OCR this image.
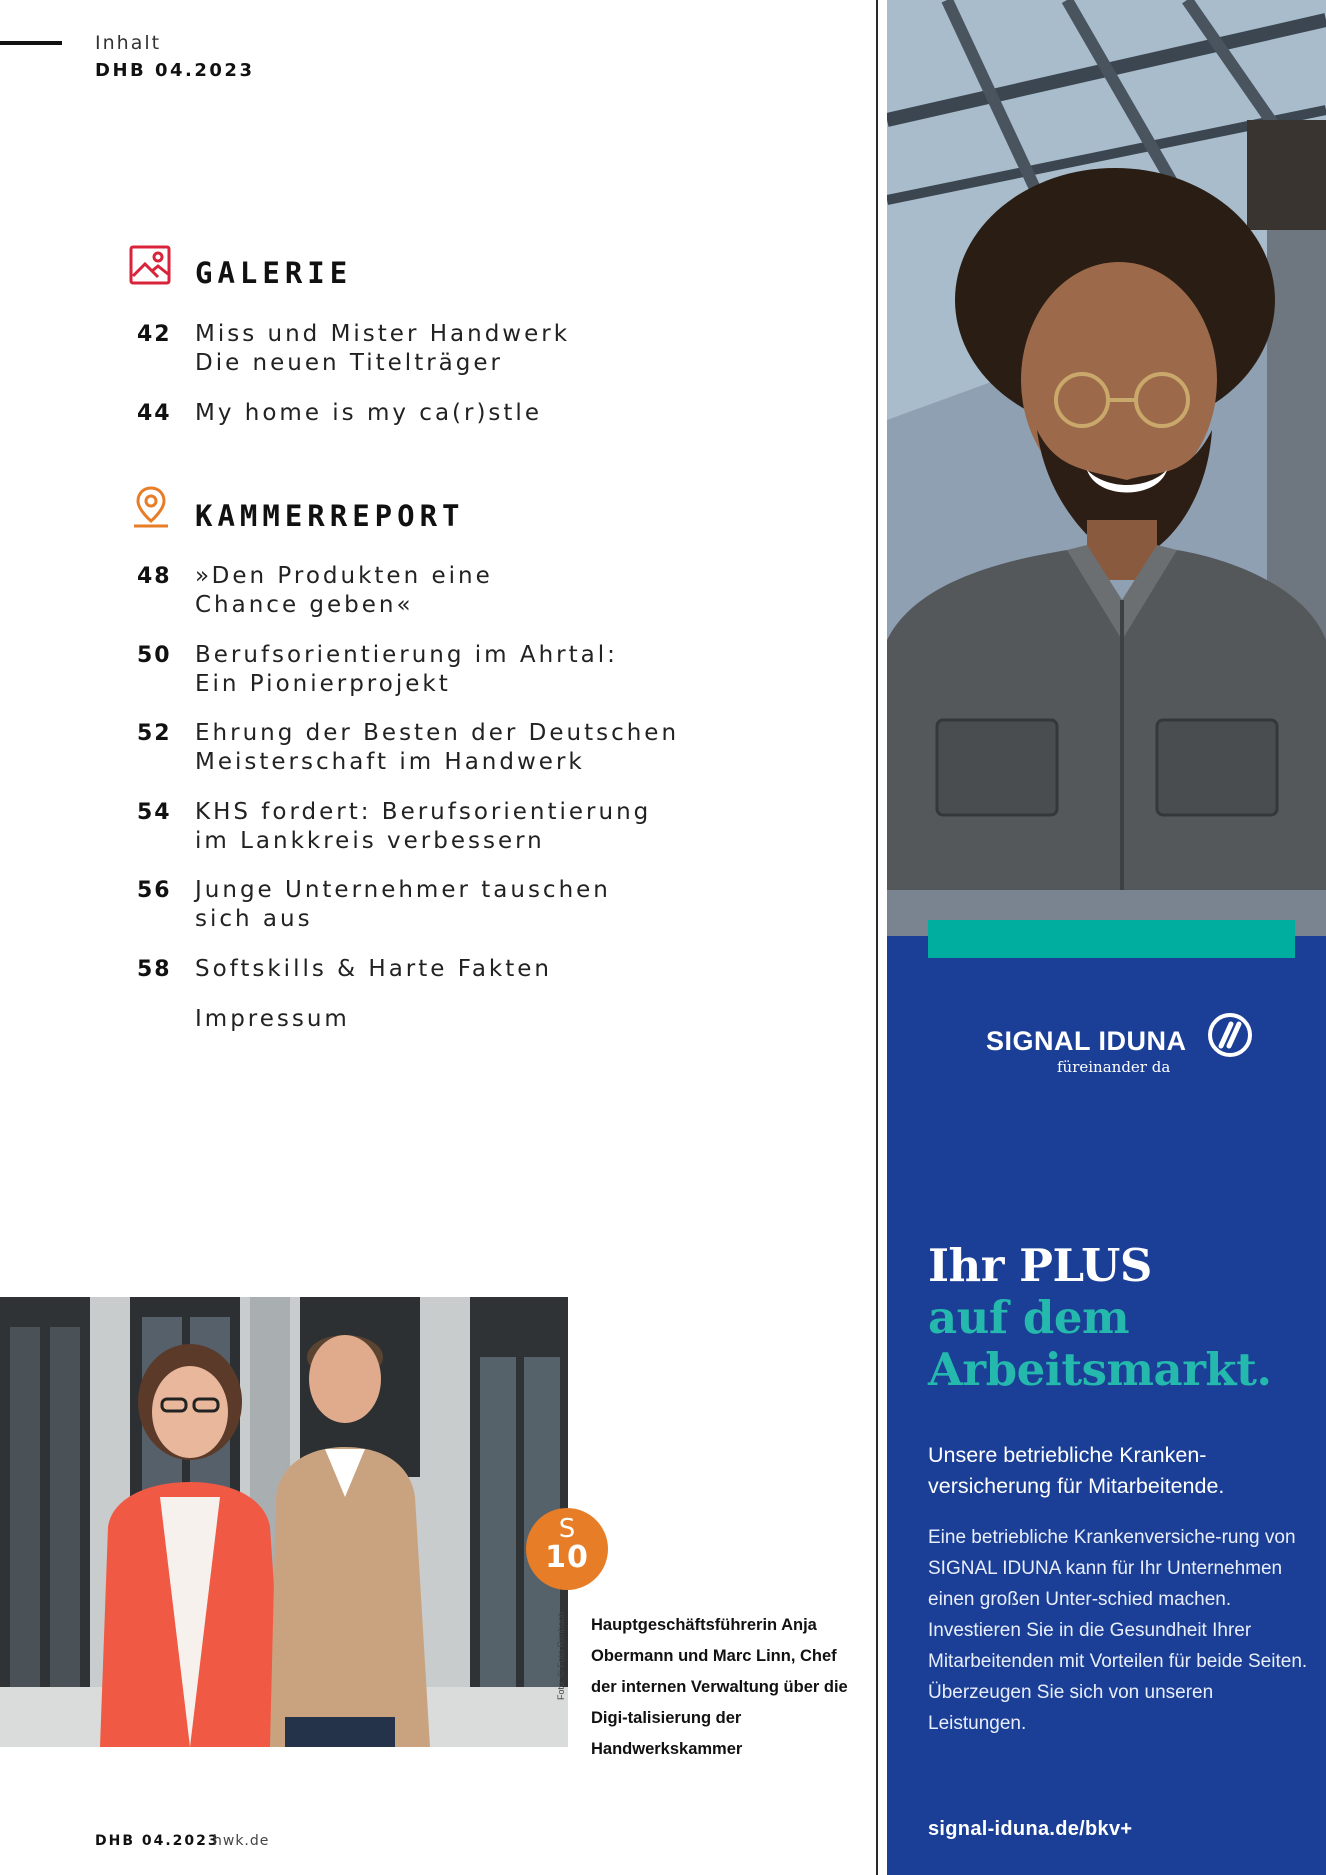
Inhalt
DHB 04.2023
GALERIE
42	Miss und Mister Handwerk
Die neuen Titelträger
44	My home is my ca(r)stle
KAMMERREPORT
48	»Den Produkten eine
Chance geben«
50	Berufsorientierung im Ahrtal:
Ein Pionierprojekt
52	Ehrung der Besten der Deutschen
Meisterschaft im Handwerk
54	KHS fordert: Berufsorientierung
im Lankkreis verbessern
56	Junge Unternehmer tauschen
sich aus
58	Softskills & Harte Fakten
Impressum
S
10
Hauptgeschäftsführerin Anja Obermann und Marc Linn, Chef der internen Verwaltung über die Digi-talisierung der Handwerkskammer
Foto: © Foto Rimbach
DHB 04.2023
hwk.de
SIGNAL IDUNA
füreinander da
Ihr PLUS
auf dem
Arbeitsmarkt.
Unsere betriebliche Kranken-versicherung für Mitarbeitende.
Eine betriebliche Krankenversiche-rung von SIGNAL IDUNA kann für Ihr Unternehmen einen großen Unter-schied machen. Investieren Sie in die Gesundheit Ihrer Mitarbeitenden mit Vorteilen für beide Seiten. Überzeugen Sie sich von unseren Leistungen.
signal-iduna.de/bkv+
